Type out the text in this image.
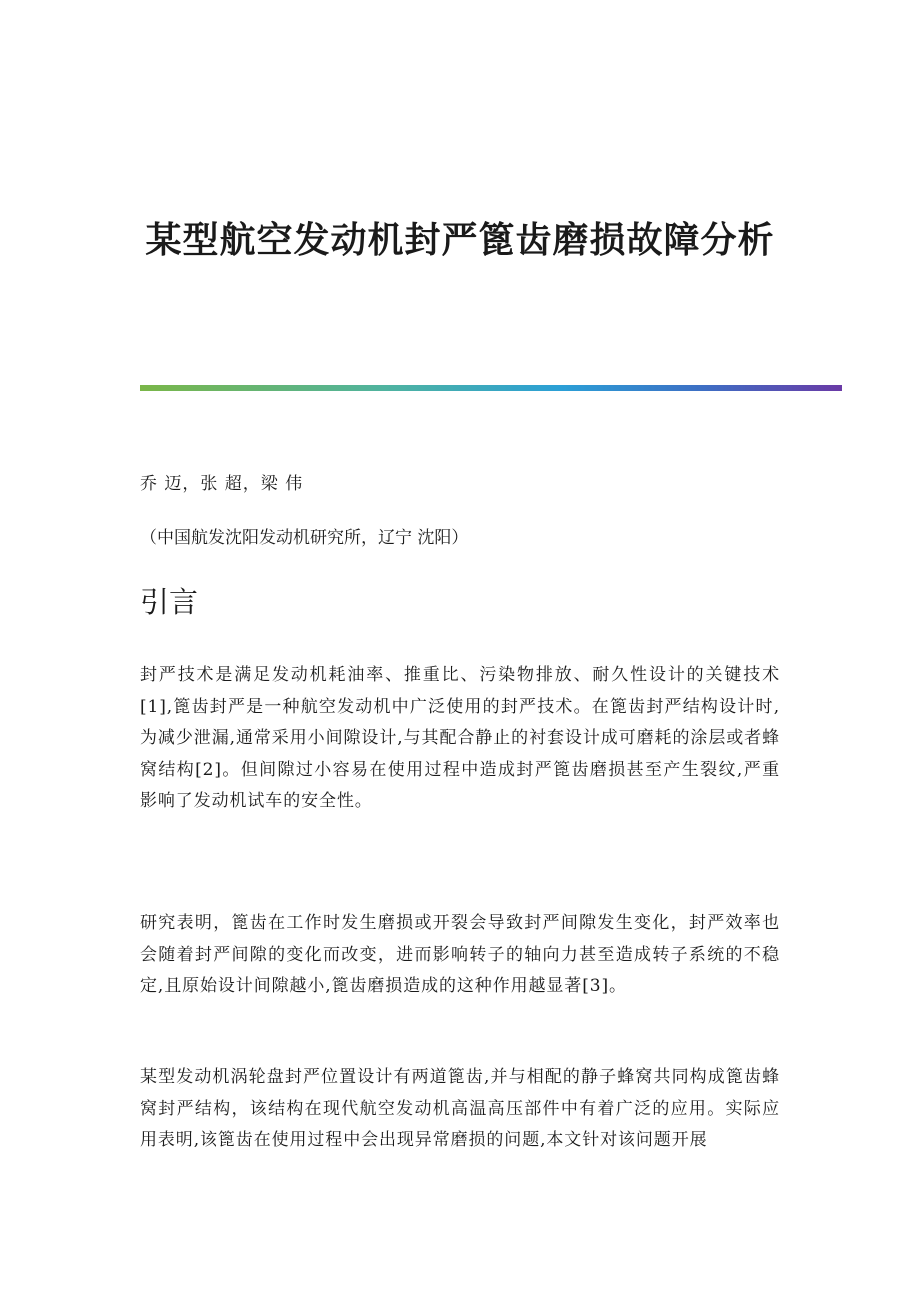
某型航空发动机封严篦齿磨损故障分析

乔 迈，张 超，梁 伟

（中国航发沈阳发动机研究所，辽宁 沈阳）

引言

封严技术是满足发动机耗油率、推重比、污染物排放、耐久性设计的关键技术[1],篦齿封严是一种航空发动机中广泛使用的封严技术。在篦齿封严结构设计时,为减少泄漏,通常采用小间隙设计,与其配合静止的衬套设计成可磨耗的涂层或者蜂窝结构[2]。但间隙过小容易在使用过程中造成封严篦齿磨损甚至产生裂纹,严重影响了发动机试车的安全性。

研究表明，篦齿在工作时发生磨损或开裂会导致封严间隙发生变化，封严效率也会随着封严间隙的变化而改变，进而影响转子的轴向力甚至造成转子系统的不稳定,且原始设计间隙越小,篦齿磨损造成的这种作用越显著[3]。

某型发动机涡轮盘封严位置设计有两道篦齿,并与相配的静子蜂窝共同构成篦齿蜂窝封严结构，该结构在现代航空发动机高温高压部件中有着广泛的应用。实际应用表明,该篦齿在使用过程中会出现异常磨损的问题,本文针对该问题开展
